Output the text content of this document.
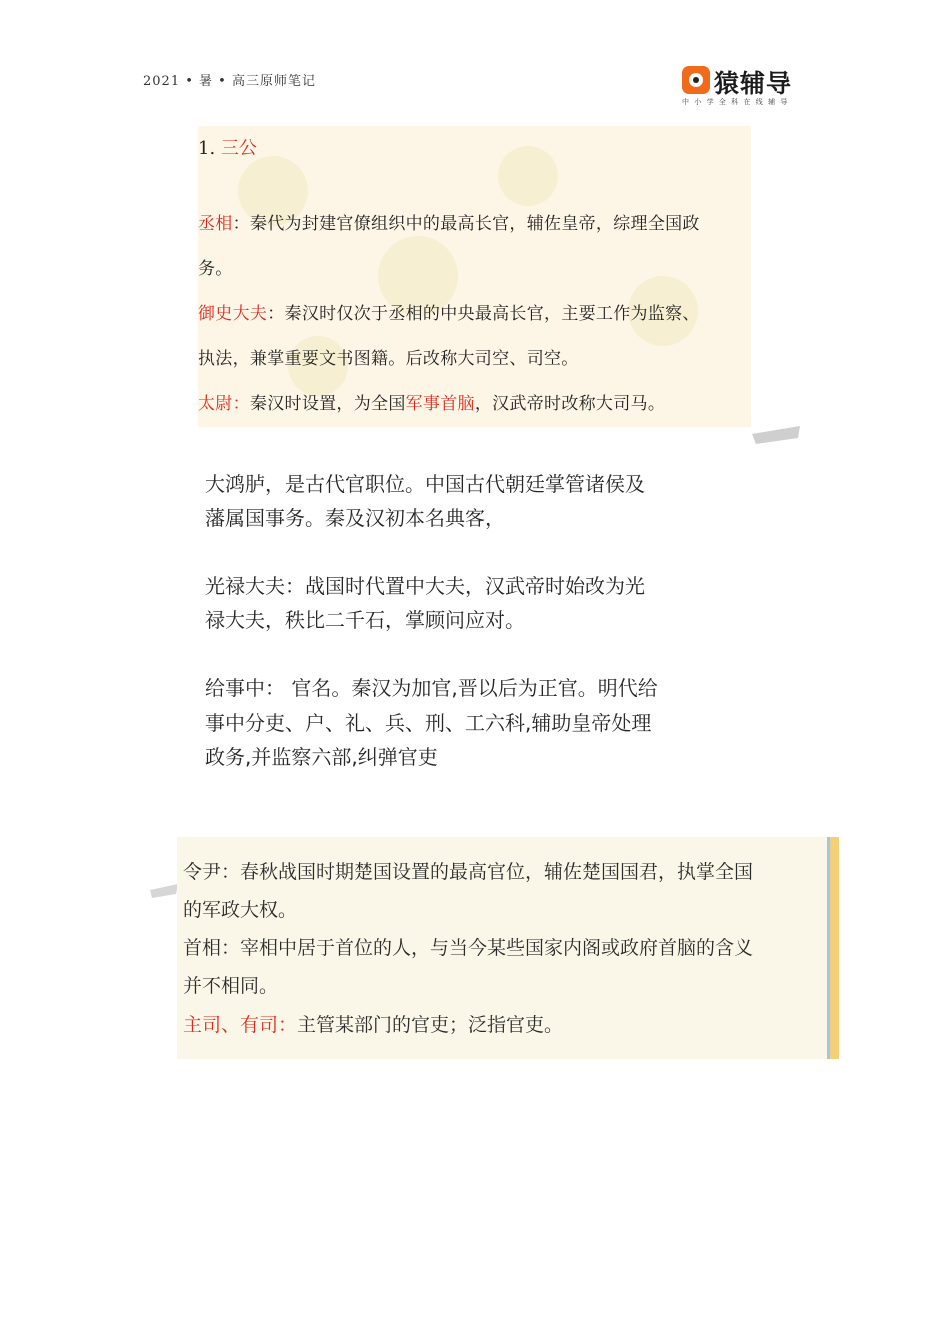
2021 • 暑 • 高三原师笔记	猿辅导
中小学全科在线辅导
1. 三公
丞相：秦代为封建官僚组织中的最高长官，辅佐皇帝，综理全国政
务。
御史大夫：秦汉时仅次于丞相的中央最高长官，主要工作为监察、
执法，兼掌重要文书图籍。后改称大司空、司空。
太尉：秦汉时设置，为全国军事首脑，汉武帝时改称大司马。
大鸿胪，是古代官职位。中国古代朝廷掌管诸侯及
藩属国事务。秦及汉初本名典客，
光禄大夫：战国时代置中大夫，汉武帝时始改为光
禄大夫，秩比二千石，掌顾问应对。
给事中： 官名。秦汉为加官,晋以后为正官。明代给
事中分吏、户、礼、兵、刑、工六科,辅助皇帝处理
政务,并监察六部,纠弹官吏
令尹：春秋战国时期楚国设置的最高官位，辅佐楚国国君，执掌全国
的军政大权。
首相：宰相中居于首位的人，与当今某些国家内阁或政府首脑的含义
并不相同。
主司、有司：主管某部门的官吏；泛指官吏。
